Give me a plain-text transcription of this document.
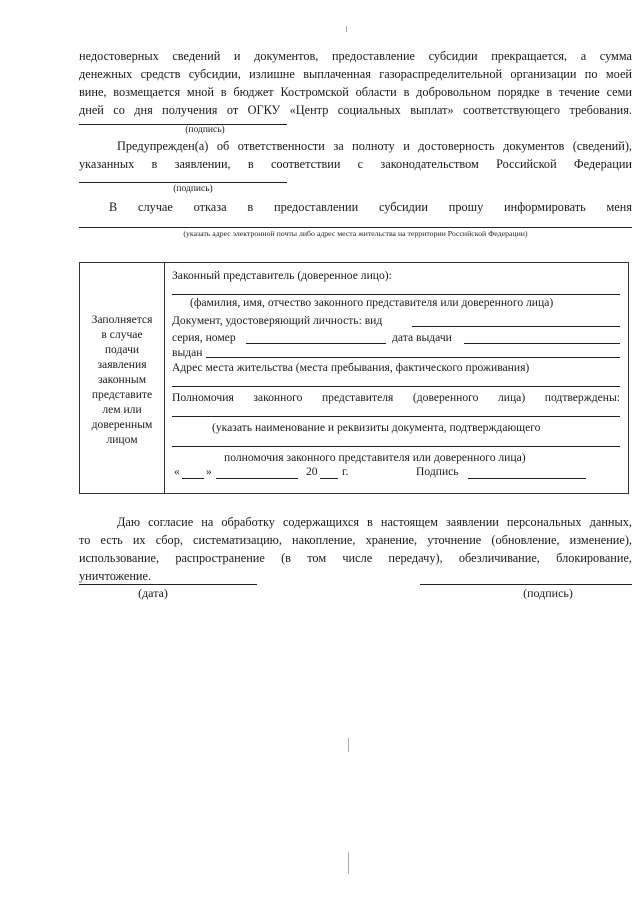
недостоверных сведений и документов, предоставление субсидии прекращается, а сумма
денежных средств субсидии, излишне выплаченная газораспределительной организации по моей
вине, возмещается мной в бюджет Костромской области в добровольном порядке в течение семи
дней со дня получения от ОГКУ «Центр социальных выплат» соответствующего требования.
(подпись)
Предупрежден(а) об ответственности за полноту и достоверность документов (сведений),
указанных в заявлении, в соответствии с законодательством Российской Федерации
(подпись)
В случае отказа в предоставлении субсидии прошу информировать меня
(указать адрес электронной почты либо адрес места жительства на территории Российской Федерации)
Заполняется
в случае
подачи
заявления
законным
представите
лем или
доверенным
лицом
Законный представитель (доверенное лицо):
(фамилия, имя, отчество законного представителя или доверенного лица)
Документ, удостоверяющий личность: вид
серия, номер	дата выдачи
выдан
Адрес места жительства (места пребывания, фактического проживания)
Полномочия законного представителя (доверенного лица) подтверждены:
(указать наименование и реквизиты документа, подтверждающего
полномочия законного представителя или доверенного лица)
« »	20 г.	Подпись
Даю согласие на обработку содержащихся в настоящем заявлении персональных данных,
то есть их сбор, систематизацию, накопление, хранение, уточнение (обновление, изменение),
использование, распространение (в том числе передачу), обезличивание, блокирование,
уничтожение.
(дата)	(подпись)
